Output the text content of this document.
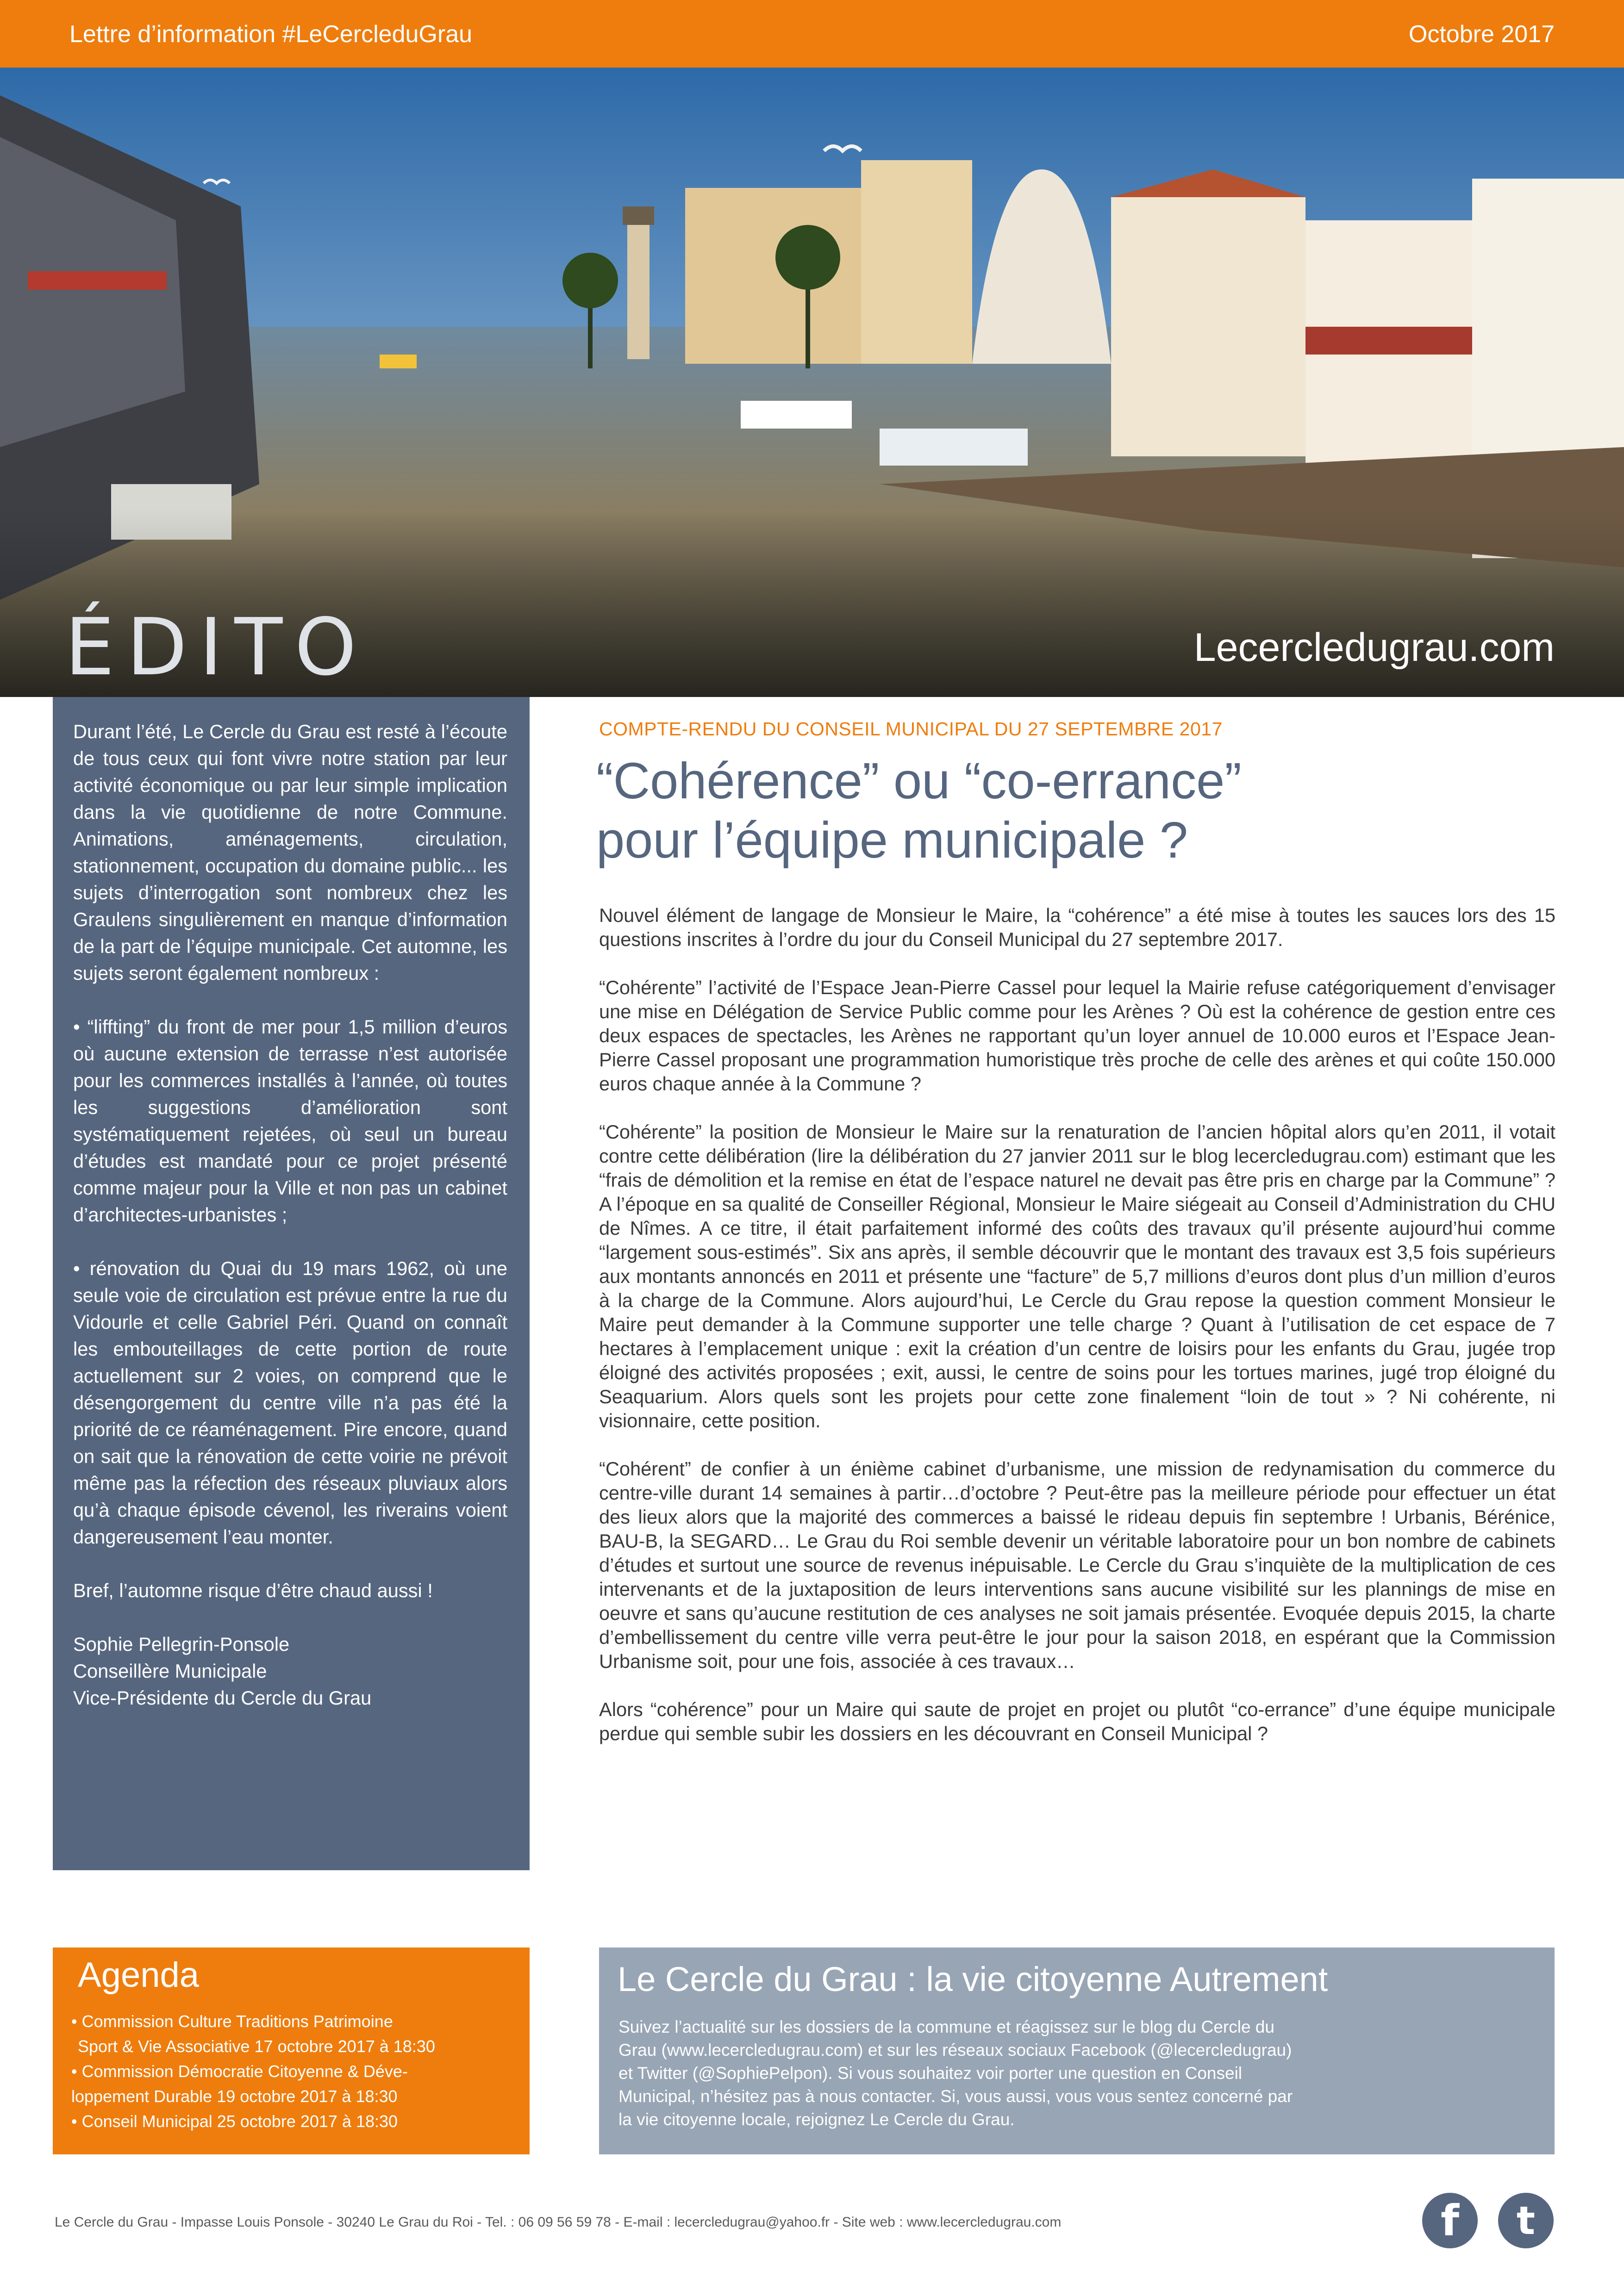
Lettre d’information #LeCercleduGrau	Octobre 2017
ÉDITO	Lecercledugrau.com

Durant l’été, Le Cercle du Grau est resté à l’écoute de tous ceux qui font vivre notre station par leur activité économique ou par leur simple implication dans la vie quotidienne de notre Commune. Animations, aménagements, circulation, stationnement, occupation du domaine public... les sujets d’interrogation sont nombreux chez les Graulens singulièrement en manque d’information de la part de l’équipe municipale. Cet automne, les sujets seront également nombreux :

• “liffting” du front de mer pour 1,5 million d’euros où aucune extension de terrasse n’est autorisée pour les commerces installés à l’année, où toutes les suggestions d’amélioration sont systématiquement rejetées, où seul un bureau d’études est mandaté pour ce projet présenté comme majeur pour la Ville et non pas un cabinet d’architectes-urbanistes ;

• rénovation du Quai du 19 mars 1962, où une seule voie de circulation est prévue entre la rue du Vidourle et celle Gabriel Péri. Quand on connaît les embouteillages de cette portion de route actuellement sur 2 voies, on comprend que le désengorgement du centre ville n’a pas été la priorité de ce réaménagement. Pire encore, quand on sait que la rénovation de cette voirie ne prévoit même pas la réfection des réseaux pluviaux alors qu’à chaque épisode cévenol, les riverains voient dangereusement l’eau monter.

Bref, l’automne risque d’être chaud aussi !

Sophie Pellegrin-Ponsole

Conseillère Municipale

Vice-Présidente du Cercle du Grau

COMPTE-RENDU DU CONSEIL MUNICIPAL DU 27 SEPTEMBRE 2017
“Cohérence” ou “co-errance”
pour l’équipe municipale ?

Nouvel élément de langage de Monsieur le Maire, la “cohérence” a été mise à toutes les sauces lors des 15 questions inscrites à l’ordre du jour du Conseil Municipal du 27 septembre 2017.

“Cohérente” l’activité de l’Espace Jean-Pierre Cassel pour lequel la Mairie refuse catégoriquement d’envisager une mise en Délégation de Service Public comme pour les Arènes ? Où est la cohérence de gestion entre ces deux espaces de spectacles, les Arènes ne rapportant qu’un loyer annuel de 10.000 euros et l’Espace Jean-Pierre Cassel proposant une programmation humoristique très proche de celle des arènes et qui coûte 150.000 euros chaque année à la Commune ?

“Cohérente” la position de Monsieur le Maire sur la renaturation de l’ancien hôpital alors qu’en 2011, il votait contre cette délibération (lire la délibération du 27 janvier 2011 sur le blog lecercledugrau.com) estimant que les “frais de démolition et la remise en état de l’espace naturel ne devait pas être pris en charge par la Commune” ? A l’époque en sa qualité de Conseiller Régional, Monsieur le Maire siégeait au Conseil d’Administration du CHU de Nîmes. A ce titre, il était parfaitement informé des coûts des travaux qu’il présente aujourd’hui comme “largement sous-estimés”. Six ans après, il semble découvrir que le montant des travaux est 3,5 fois supérieurs aux montants annoncés en 2011 et présente une “facture” de 5,7 millions d’euros dont plus d’un million d’euros à la charge de la Commune. Alors aujourd’hui, Le Cercle du Grau repose la question comment Monsieur le Maire peut demander à la Commune supporter une telle charge ? Quant à l’utilisation de cet espace de 7 hectares à l’emplacement unique : exit la création d’un centre de loisirs pour les enfants du Grau, jugée trop éloigné des activités proposées ; exit, aussi, le centre de soins pour les tortues marines, jugé trop éloigné du Seaquarium. Alors quels sont les projets pour cette zone finalement “loin de tout » ? Ni cohérente, ni visionnaire, cette position.

“Cohérent” de confier à un énième cabinet d’urbanisme, une mission de redynamisation du commerce du centre-ville durant 14 semaines à partir…d’octobre ? Peut-être pas la meilleure période pour effectuer un état des lieux alors que la majorité des commerces a baissé le rideau depuis fin septembre ! Urbanis, Bérénice, BAU-B, la SEGARD… Le Grau du Roi semble devenir un véritable laboratoire pour un bon nombre de cabinets d’études et surtout une source de revenus inépuisable. Le Cercle du Grau s’inquiète de la multiplication de ces intervenants et de la juxtaposition de leurs interventions sans aucune visibilité sur les plannings de mise en oeuvre et sans qu’aucune restitution de ces analyses ne soit jamais présentée. Evoquée depuis 2015, la charte d’embellissement du centre ville verra peut-être le jour pour la saison 2018, en espérant que la Commission Urbanisme soit, pour une fois, associée à ces travaux…

Alors “cohérence” pour un Maire qui saute de projet en projet ou plutôt “co-errance” d’une équipe municipale perdue qui semble subir les dossiers en les découvrant en Conseil Municipal ?

Agenda
• Commission Culture Traditions Patrimoine
Sport & Vie Associative 17 octobre 2017 à 18:30
• Commission Démocratie Citoyenne & Déve-
loppement Durable 19 octobre 2017 à 18:30
• Conseil Municipal 25 octobre 2017 à 18:30
Le Cercle du Grau : la vie citoyenne Autrement

Suivez l’actualité sur les dossiers de la commune et réagissez sur le blog du Cercle du

Grau (www.lecercledugrau.com) et sur les réseaux sociaux Facebook (@lecercledugrau)

et Twitter (@SophiePelpon). Si vous souhaitez voir porter une question en Conseil

Municipal, n’hésitez pas à nous contacter. Si, vous aussi, vous vous sentez concerné par

la vie citoyenne locale, rejoignez Le Cercle du Grau.

Le Cercle du Grau - Impasse Louis Ponsole - 30240 Le Grau du Roi - Tel. : 06 09 56 59 78 - E-mail : lecercledugrau@yahoo.fr - Site web : www.lecercledugrau.com	f	t
